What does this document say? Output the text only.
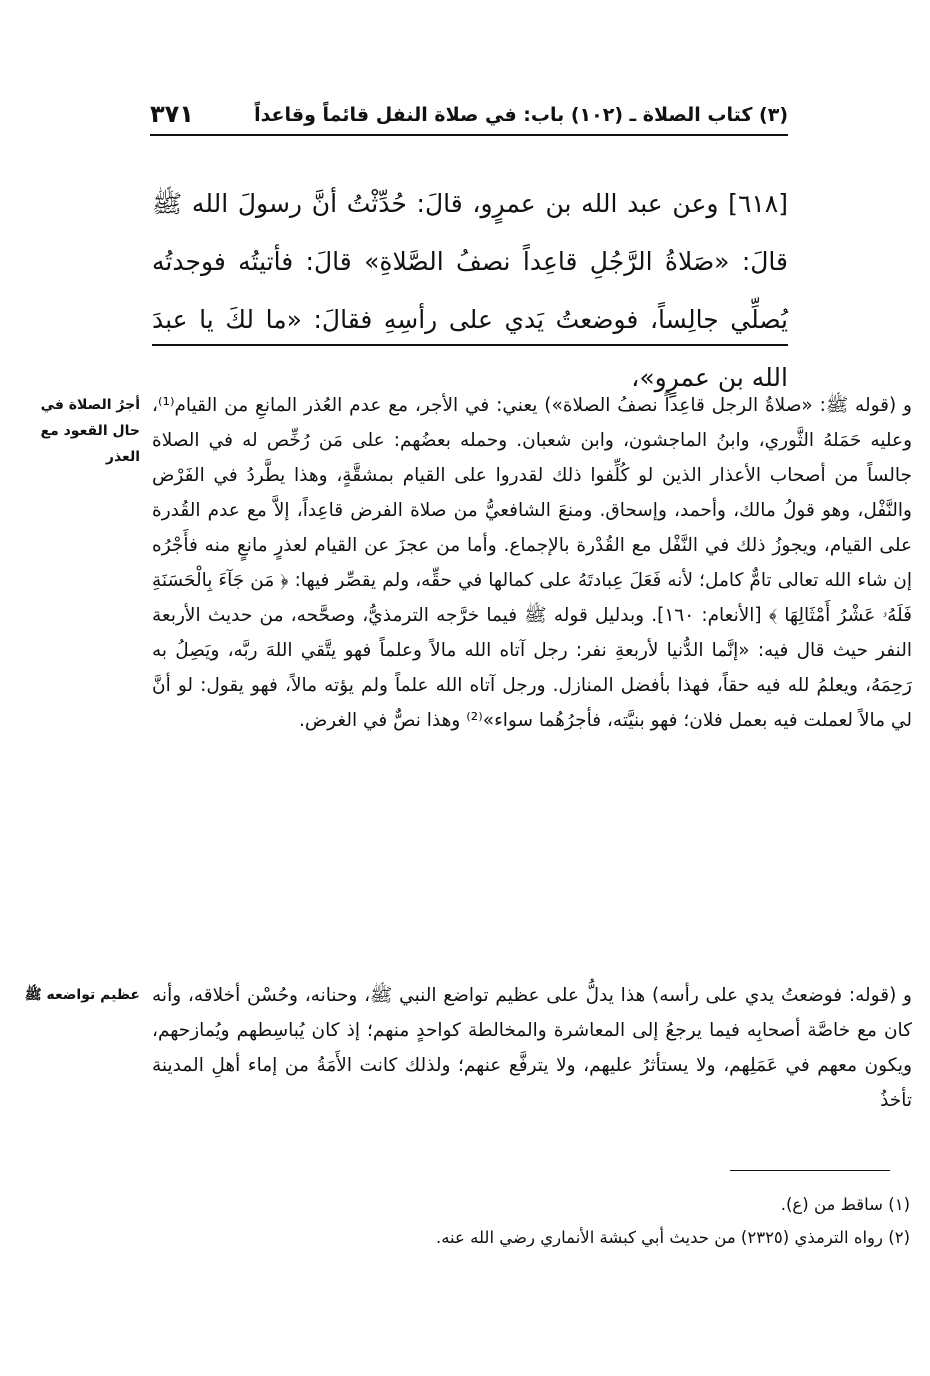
(٣) كتاب الصلاة ـ (١٠٢) باب: في صلاة النفل قائماً وقاعداً
٣٧١

[٦١٨] وعن عبد الله بن عمرٍو، قالَ: حُدِّثْتُ أنَّ رسولَ الله ﷺ قالَ: «صَلاةُ الرَّجُلِ قاعِداً نصفُ الصَّلاةِ» قالَ: فأتيتُه فوجدتُه يُصلِّي جالِساً، فوضعتُ يَدي على رأسِهِ فقالَ: «ما لكَ يا عبدَ الله بن عمرٍو»،

أجرُ الصلاة في حال القعود مع العذر

و (قوله ﷺ: «صلاةُ الرجل قاعِداً نصفُ الصلاة») يعني: في الأجر، مع عدم العُذر المانعِ من القيام⁽¹⁾، وعليه حَمَلهُ الثَّوري، وابنُ الماجشون، وابن شعبان. وحمله بعضُهم: على مَن رُخِّص له في الصلاة جالساً من أصحاب الأعذار الذين لو كُلِّفوا ذلك لقدروا على القيام بمشقَّةٍ، وهذا يطَّردُ في الفَرْض والنَّفْل، وهو قولُ مالك، وأحمد، وإسحاق. ومنعَ الشافعيُّ من صلاة الفرض قاعِداً، إلاَّ مع عدم القُدرة على القيام، ويجوزُ ذلك في النَّفْل مع القُدْرة بالإجماع. وأما من عجزَ عن القيام لعذرٍ مانعٍ منه فأَجْرُه إن شاء الله تعالى تامٌّ كامل؛ لأنه فَعَلَ عِبادتَهُ على كمالها في حقِّه، ولم يقصِّر فيها: ﴿ مَن جَآءَ بِالْحَسَنَةِ فَلَهُۥ عَشْرُ أَمْثَالِهَا ﴾ [الأنعام: ١٦٠]. وبدليل قوله ﷺ فيما خرَّجه الترمذيُّ، وصحَّحه، من حديث الأربعة النفر حيث قال فيه: «إنَّما الدُّنيا لأربعةِ نفر: رجل آتاه الله مالاً وعلماً فهو يتَّقي اللهَ ربَّه، ويَصِلُ به رَحِمَهُ، ويعلمُ لله فيه حقاً، فهذا بأفضل المنازل. ورجل آتاه الله علماً ولم يؤته مالاً، فهو يقول: لو أنَّ لي مالاً لعملت فيه بعمل فلان؛ فهو بنيَّته، فأجرُهُما سواء»⁽²⁾ وهذا نصٌّ في الغرض.

عظيم تواضعه ﷺ و (قوله: فوضعتُ يدي على رأسه) هذا يدلُّ على عظيم تواضع النبي ﷺ، وحنانه، وحُسْن أخلاقه، وأنه كان مع خاصَّة أصحابِه فيما يرجعُ إلى المعاشرة والمخالطة كواحدٍ منهم؛ إذ كان يُباسِطهم ويُمازحهم، ويكون معهم في عَمَلِهم، ولا يستأثرُ عليهم، ولا يترفَّع عنهم؛ ولذلك كانت الأَمَةُ من إماء أهلِ المدينة تأخذُ

(١) ساقط من (ع).

(٢) رواه الترمذي (٢٣٢٥) من حديث أبي كبشة الأنماري رضي الله عنه.
